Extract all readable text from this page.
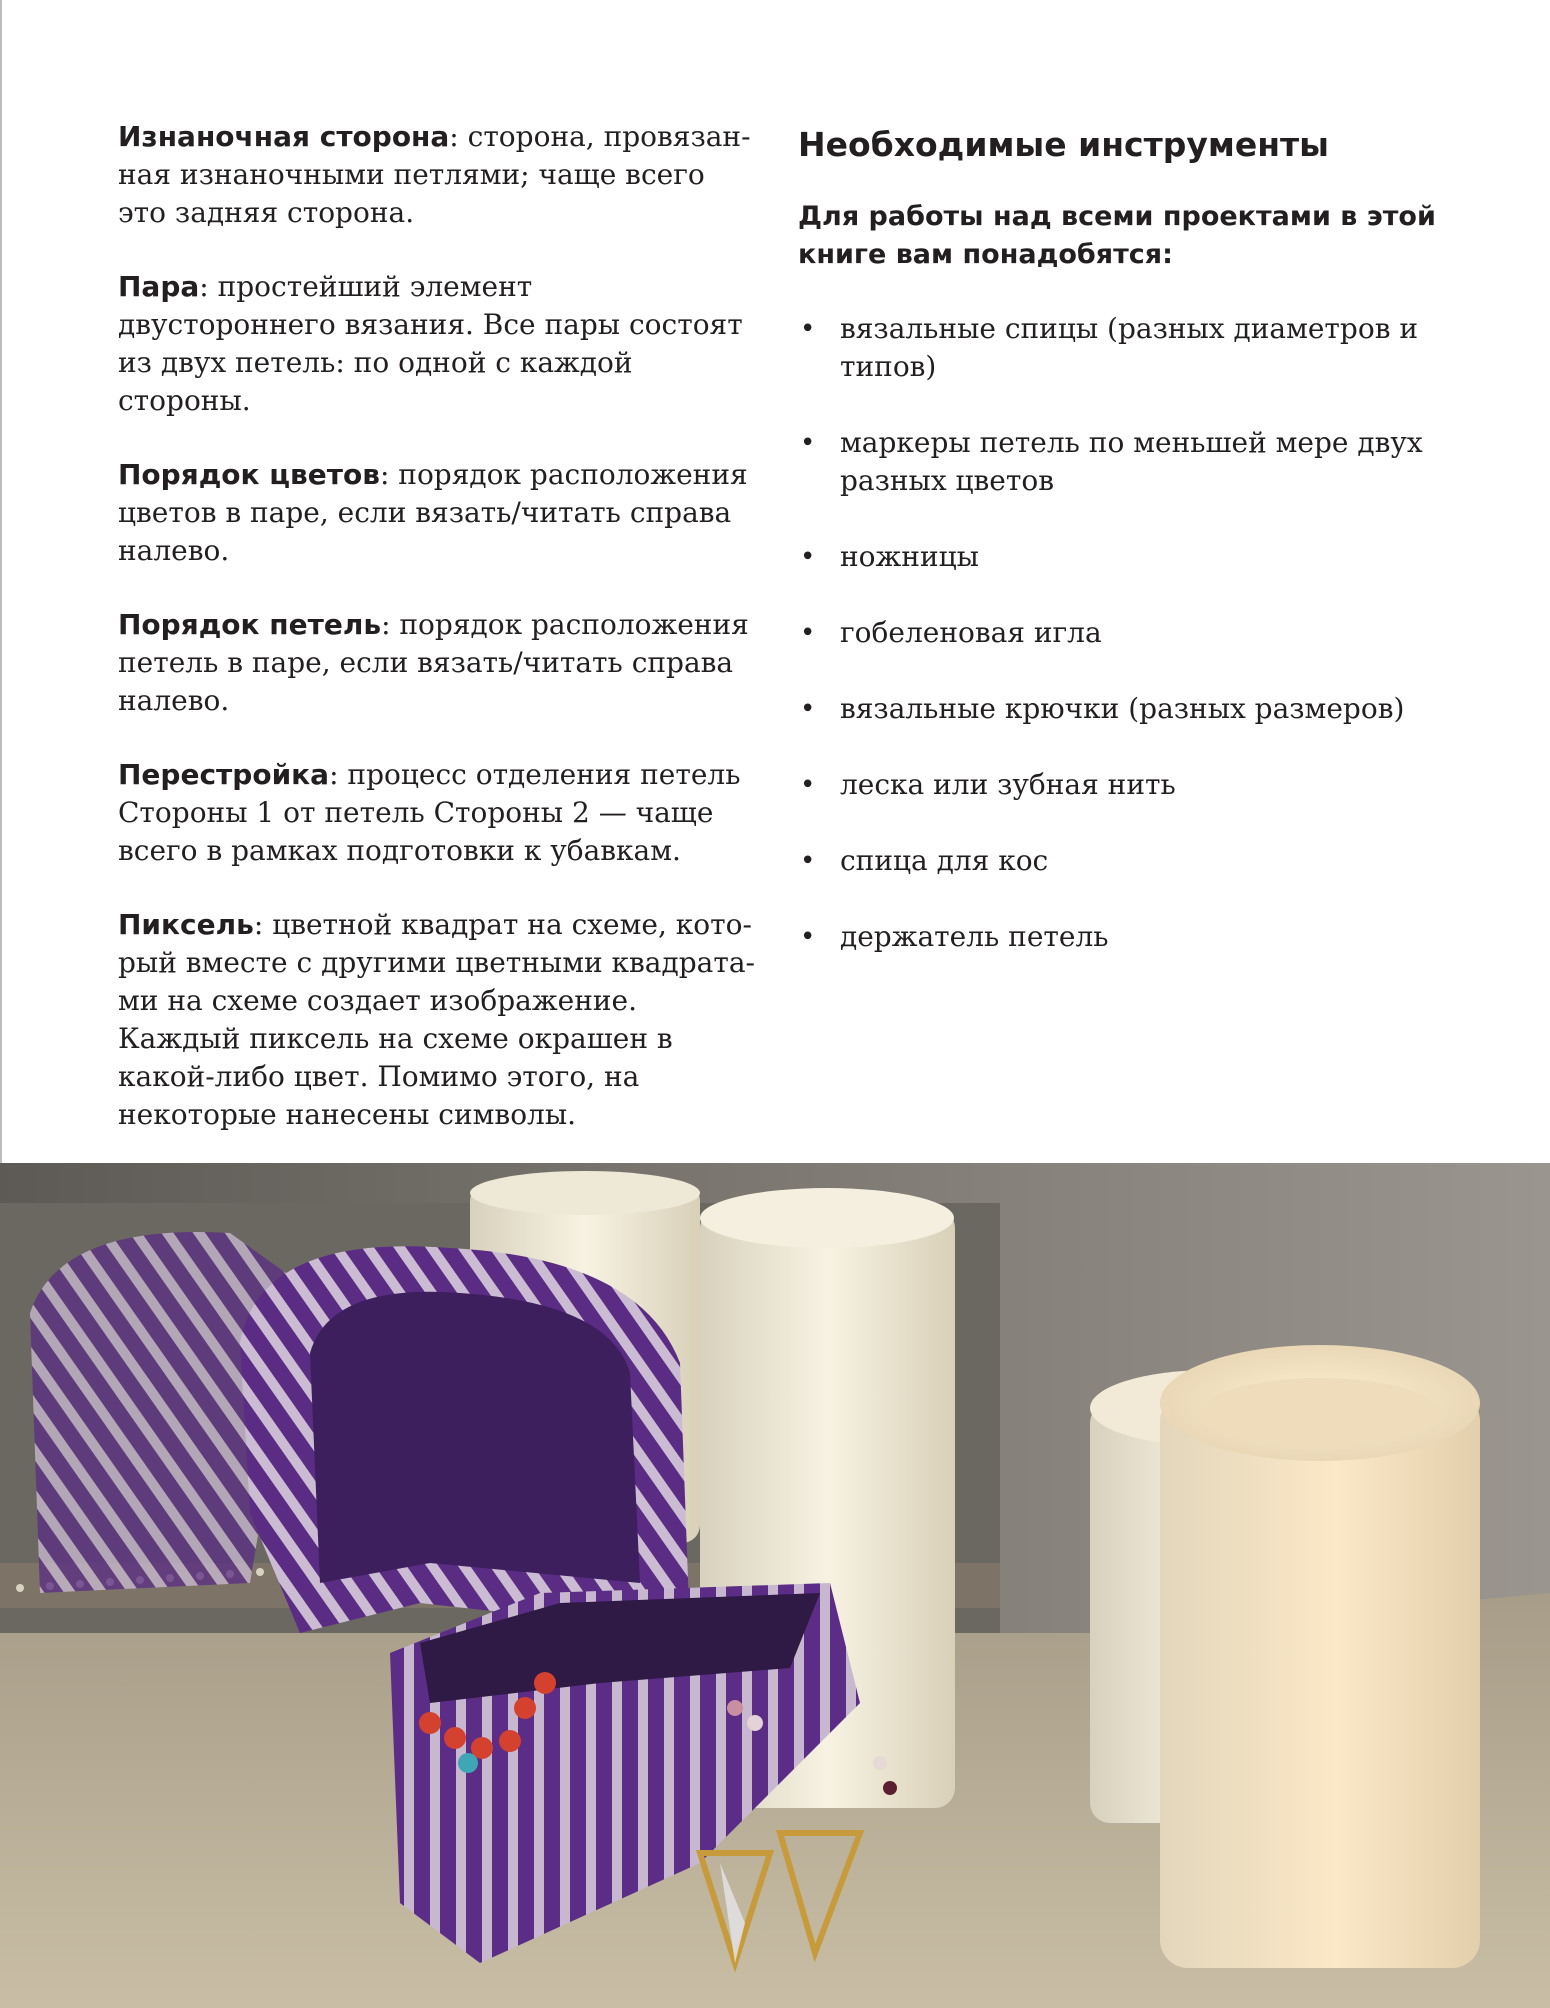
Изнаночная сторона: сторона, провязанная изнаночными петлями; чаще всего это задняя сторона.

Пара: простейший элемент двустороннего вязания. Все пары состоят из двух петель: по одной с каждой стороны.

Порядок цветов: порядок расположения цветов в паре, если вязать/читать справа налево.

Порядок петель: порядок расположения петель в паре, если вязать/читать справа налево.

Перестройка: процесс отделения петель Стороны 1 от петель Стороны 2 — чаще всего в рамках подготовки к убавкам.

Пиксель: цветной квадрат на схеме, который вместе с другими цветными квадратами на схеме создает изображение. Каждый пиксель на схеме окрашен в какой-либо цвет. Помимо этого, на некоторые нанесены символы.

Необходимые инструменты
Для работы над всеми проектами в этой книге вам понадобятся:
• вязальные спицы (разных диаметров и типов)
• маркеры петель по меньшей мере двух разных цветов
• ножницы
• гобеленовая игла
• вязальные крючки (разных размеров)
• леска или зубная нить
• спица для кос
• держатель петель
